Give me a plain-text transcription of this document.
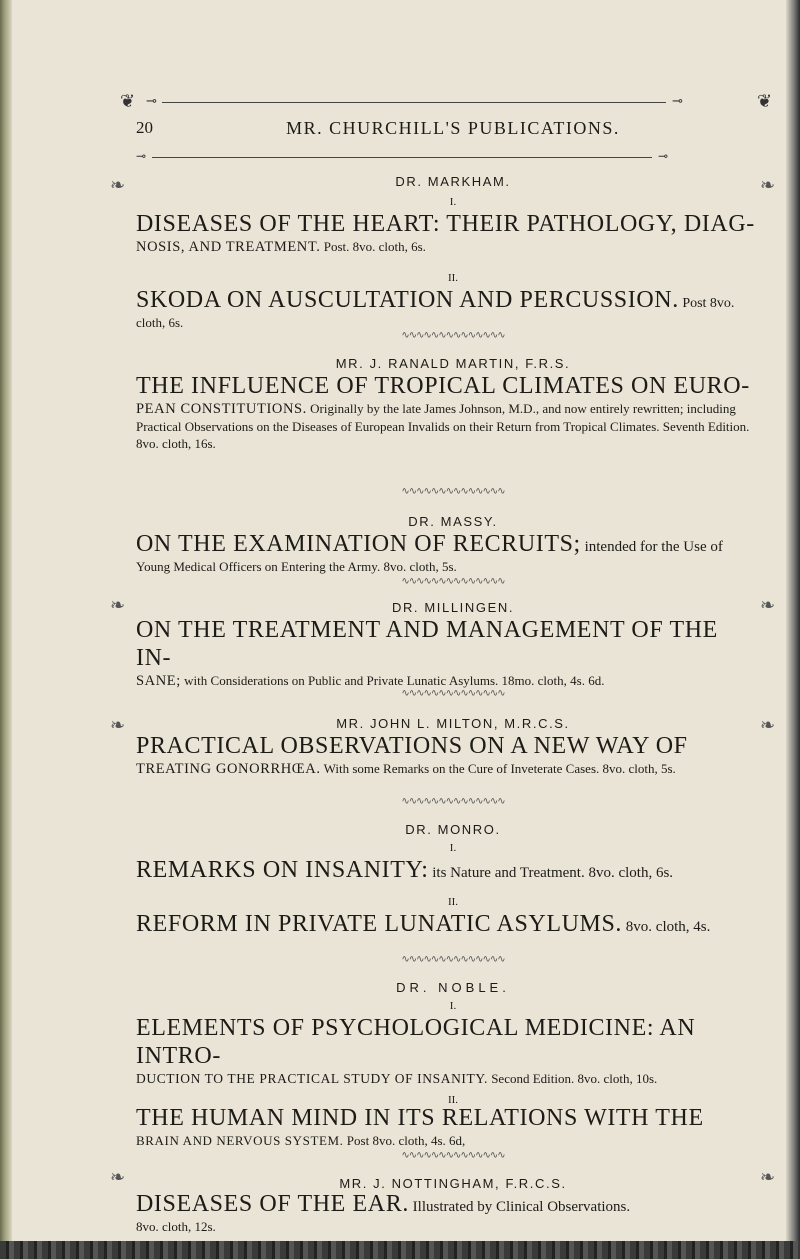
❦ ⊸	⊸	❦
20	MR. CHURCHILL'S PUBLICATIONS.
⊸	⊸
❧	❧
DR. MARKHAM.
I.
DISEASES OF THE HEART: THEIR PATHOLOGY, DIAG-
NOSIS, AND TREATMENT. Post. 8vo. cloth, 6s.
II.
SKODA ON AUSCULTATION AND PERCUSSION. Post 8vo.
cloth, 6s.
∿∿∿∿∿∿∿∿∿∿∿∿∿∿
MR. J. RANALD MARTIN, F.R.S.
THE INFLUENCE OF TROPICAL CLIMATES ON EURO-
PEAN CONSTITUTIONS. Originally by the late James Johnson, M.D., and now entirely rewritten; including Practical Observations on the Diseases of European Invalids on their Return from Tropical Climates. Seventh Edition. 8vo. cloth, 16s.
∿∿∿∿∿∿∿∿∿∿∿∿∿∿
DR. MASSY.
ON THE EXAMINATION OF RECRUITS; intended for the Use of
Young Medical Officers on Entering the Army. 8vo. cloth, 5s.
∿∿∿∿∿∿∿∿∿∿∿∿∿∿
DR. MILLINGEN.
❧	❧
ON THE TREATMENT AND MANAGEMENT OF THE IN-
SANE; with Considerations on Public and Private Lunatic Asylums. 18mo. cloth, 4s. 6d.
∿∿∿∿∿∿∿∿∿∿∿∿∿∿
MR. JOHN L. MILTON, M.R.C.S.
❧	❧
PRACTICAL OBSERVATIONS ON A NEW WAY OF
TREATING GONORRHŒA. With some Remarks on the Cure of Inveterate Cases. 8vo. cloth, 5s.
∿∿∿∿∿∿∿∿∿∿∿∿∿∿
DR. MONRO.
I.
REMARKS ON INSANITY: its Nature and Treatment. 8vo. cloth, 6s.
II.
REFORM IN PRIVATE LUNATIC ASYLUMS. 8vo. cloth, 4s.
∿∿∿∿∿∿∿∿∿∿∿∿∿∿
DR. NOBLE.
I.
ELEMENTS OF PSYCHOLOGICAL MEDICINE: AN INTRO-
DUCTION TO THE PRACTICAL STUDY OF INSANITY. Second Edition. 8vo. cloth, 10s.
II.
THE HUMAN MIND IN ITS RELATIONS WITH THE
BRAIN AND NERVOUS SYSTEM. Post 8vo. cloth, 4s. 6d,
∿∿∿∿∿∿∿∿∿∿∿∿∿∿
❧	❧
MR. J. NOTTINGHAM, F.R.C.S.
DISEASES OF THE EAR. Illustrated by Clinical Observations.
8vo. cloth, 12s.
